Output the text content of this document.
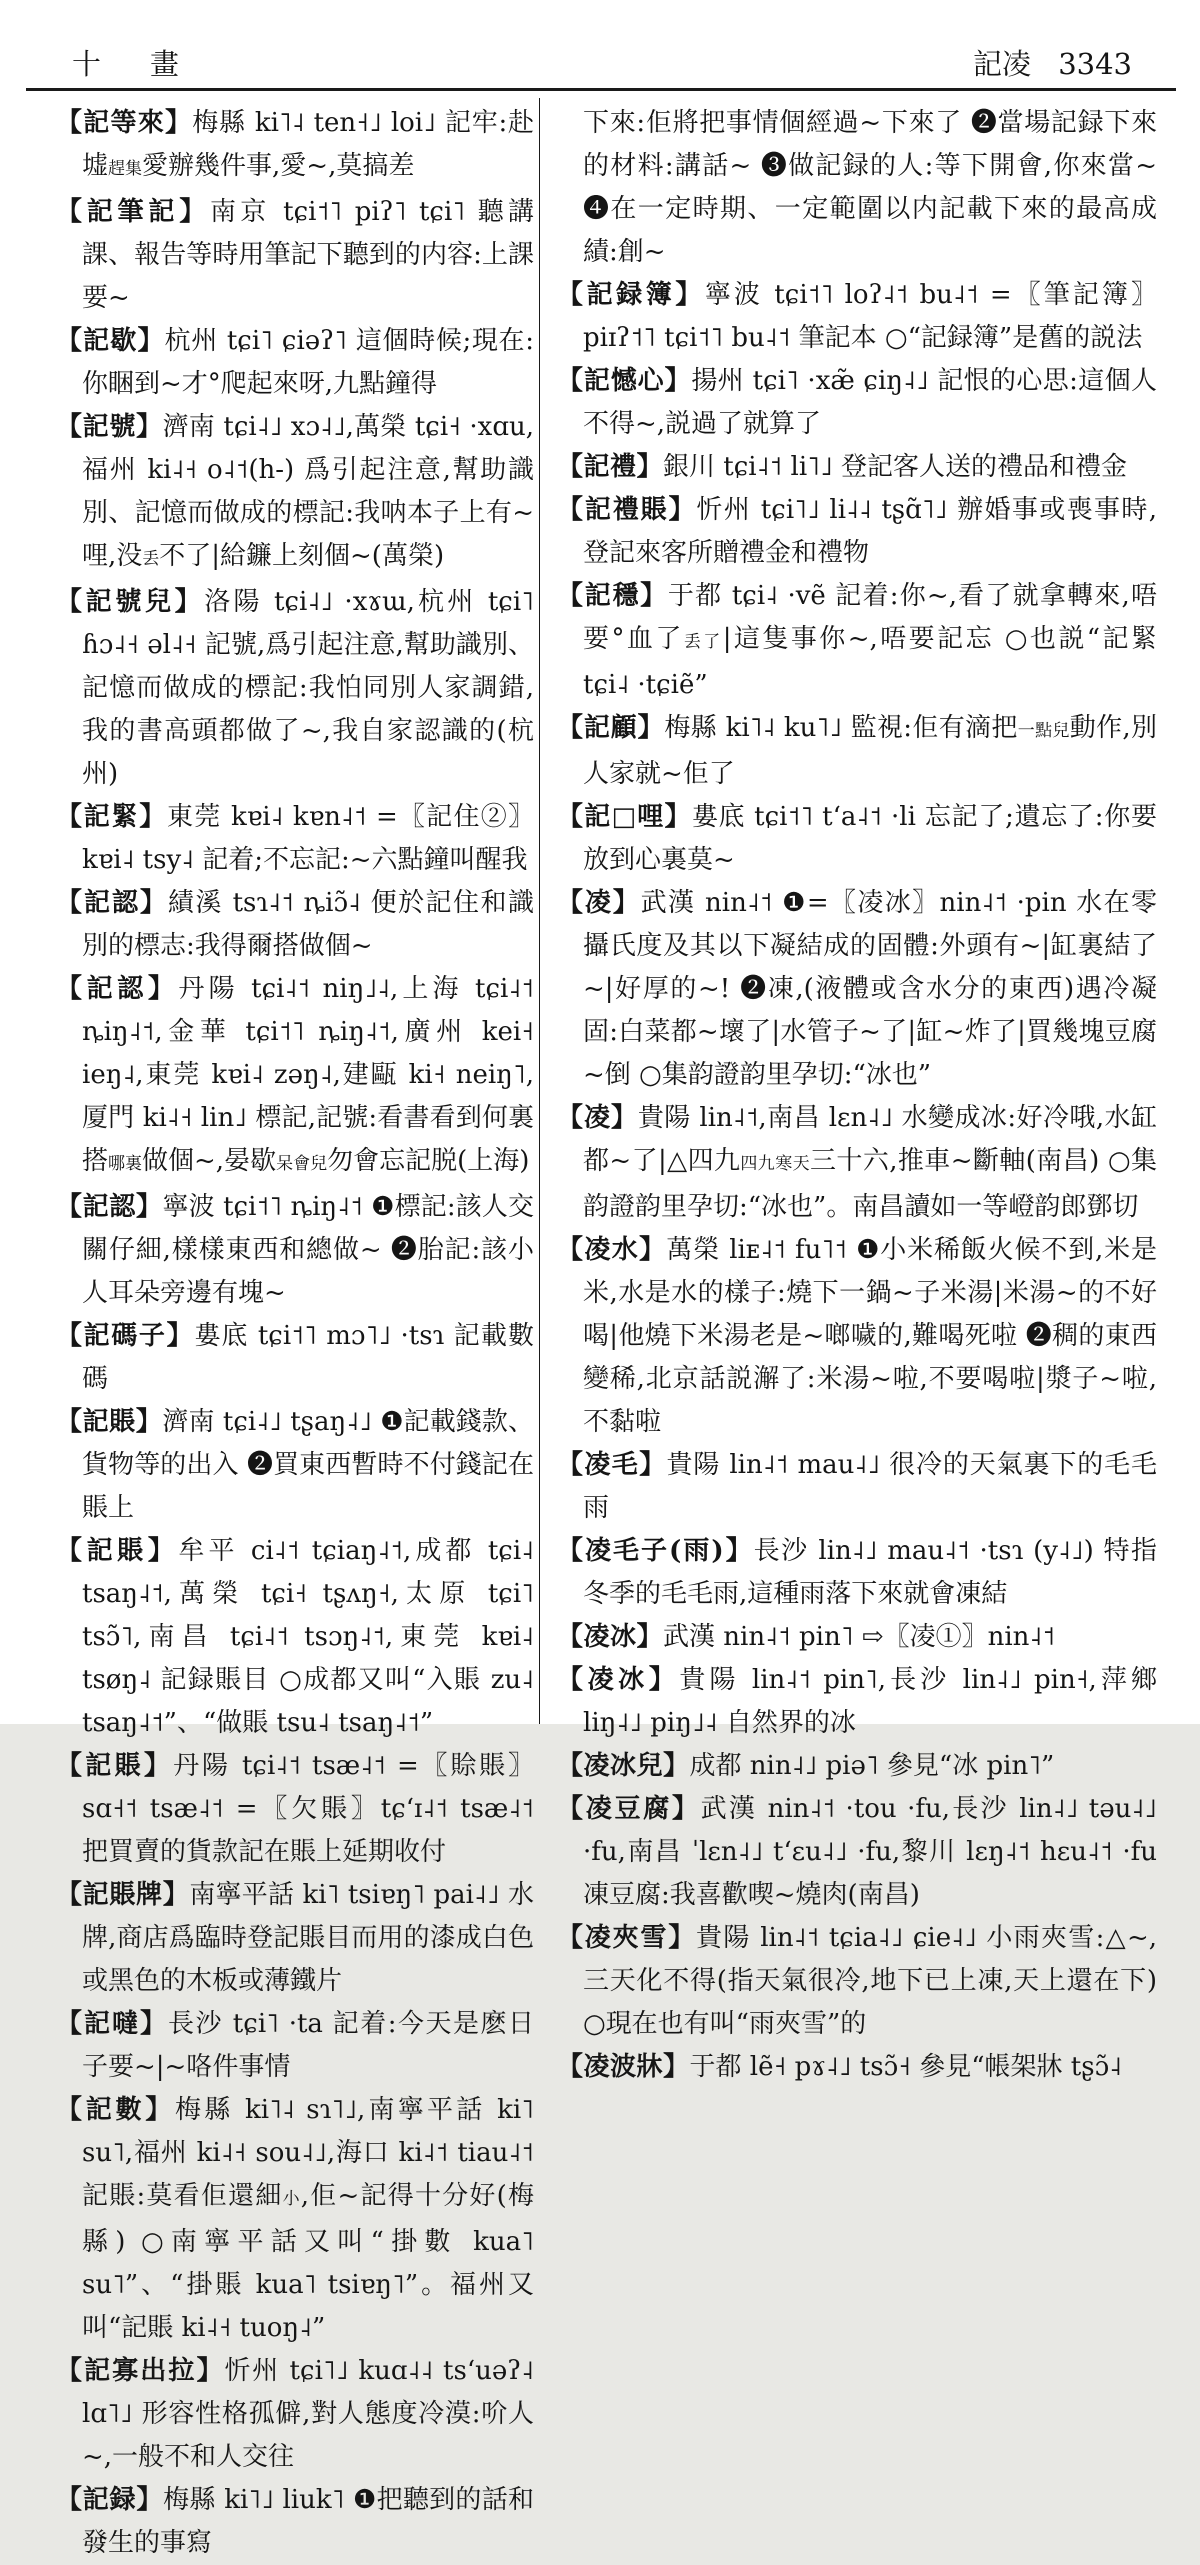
十　畫	記凌 3343
【記等來】梅縣 ki˥˨ ten˧˩ loi˩ 記牢:赴墟趕集愛辦幾件事,愛~,莫搞差
【記筆記】南京 tɕi˦˥ piʔ˥ tɕi˥ 聽講課、報告等時用筆記下聽到的内容:上課要~
【記歇】杭州 tɕi˥ ɕiəʔ˥ 這個時候;現在:你睏到~才°爬起來呀,九點鐘得
【記號】濟南 tɕi˨˩ xɔ˨˩,萬榮 tɕi˧ ·xɑu,福州 ki˨˧ o˨˦(h-) 爲引起注意,幫助識別、記憶而做成的標記:我呐本子上有~哩,没丢不了|給鐮上刻個~(萬榮)
【記號兒】洛陽 tɕi˨˩ ·xɤɯ,杭州 tɕi˥ ɦɔ˨˧ əl˨˧ 記號,爲引起注意,幫助識別、記憶而做成的標記:我怕同別人家調錯,我的書高頭都做了~,我自家認識的(杭州)
【記緊】東莞 kɐi˨ kɐn˨˦ =〖記住②〗kɐi˨ tsy˨ 記着;不忘記:~六點鐘叫醒我
【記認】績溪 tsɿ˨˦ ȵiɔ̃˨ 便於記住和識別的標志:我得爾搭做個~
【記認】丹陽 tɕi˨˦ niŋ˩˨,上海 tɕi˨˦ ȵiŋ˨˦,金華 tɕi˦˥ ȵiŋ˨˦,廣州 kei˧ ieŋ˨,東莞 kɐi˨ zəŋ˨,建甌 ki˧ neiŋ˥,厦門 ki˨˧ lin˩ 標記,記號:看書看到何裏搭哪裏做個~,晏歇呆會兒勿會忘記脱(上海)
【記認】寧波 tɕi˦˥ ȵiŋ˨˦ ❶標記:該人交關仔細,樣樣東西和總做~ ❷胎記:該小人耳朵旁邊有塊~
【記碼子】婁底 tɕi˦˥ mɔ˥˩ ·tsɿ 記載數碼
【記賬】濟南 tɕi˨˩ tʂaŋ˨˩ ❶記載錢款、貨物等的出入 ❷買東西暫時不付錢記在賬上
【記賬】牟平 ci˨˦ tɕiaŋ˨˦,成都 tɕi˨ tsaŋ˨˦,萬榮 tɕi˧ tʂʌŋ˧,太原 tɕi˥ tsɔ̃˥,南昌 tɕi˨˦ tsɔŋ˨˦,東莞 kɐi˨ tsøŋ˨ 記録賬目 ○成都又叫“入賬 zu˨ tsaŋ˨˦”、“做賬 tsu˨ tsaŋ˨˦”
【記賬】丹陽 tɕi˨˦ tsæ˨˦ =〖賒賬〗sɑ˧˦ tsæ˨˦ =〖欠賬〗tɕʻɪ˨˦ tsæ˨˦ 把買賣的貨款記在賬上延期收付
【記賬牌】南寧平話 ki˥ tsiɐŋ˥ pai˨˩ 水牌,商店爲臨時登記賬目而用的漆成白色或黑色的木板或薄鐵片
【記噠】長沙 tɕi˥ ·ta 記着:今天是麽日子要~|~咯件事情
【記數】梅縣 ki˥˨ sɿ˥˩,南寧平話 ki˥ su˥,福州 ki˨˧ sou˨˩,海口 ki˨˦ tiau˨˦ 記賬:莫看佢還細小,佢~記得十分好(梅縣) ○南寧平話又叫“掛數 kua˥ su˥”、“掛賬 kua˥ tsiɐŋ˥”。福州又叫“記賬 ki˨˧ tuoŋ˨”
【記寡出拉】忻州 tɕi˥˩ kuɑ˨˨ tsʻuəʔ˨ lɑ˥˩ 形容性格孤僻,對人態度冷漠:吤人~,一般不和人交往
【記録】梅縣 ki˥˩ liuk˥ ❶把聽到的話和發生的事寫
下來:佢將把事情個經過~下來了 ❷當場記録下來的材料:講話~ ❸做記録的人:等下開會,你來當~ ❹在一定時期、一定範圍以内記載下來的最高成績:創~
【記録簿】寧波 tɕi˦˥ loʔ˨˦ bu˨˦ =〖筆記簿〗piɪʔ˦˥ tɕi˦˥ bu˨˦ 筆記本 ○“記録簿”是舊的説法
【記憾心】揚州 tɕi˥ ·xæ̃ ɕiŋ˨˩ 記恨的心思:這個人不得~,説過了就算了
【記禮】銀川 tɕi˨˦ li˥˩ 登記客人送的禮品和禮金
【記禮賬】忻州 tɕi˥˩ li˨˨ tʂɑ̃˥˩ 辦婚事或喪事時,登記來客所贈禮金和禮物
【記穩】于都 tɕi˨ ·vẽ 記着:你~,看了就拿轉來,唔要°血了丢了|這隻事你~,唔要記忘 ○也説“記緊 tɕi˨ ·tɕiẽ”
【記顧】梅縣 ki˥˨ ku˥˩ 監視:佢有滴把一點兒動作,別人家就~佢了
【記□哩】婁底 tɕi˦˥ tʻa˨˦ ·li 忘記了;遺忘了:你要放到心裏莫~
【凌】武漢 nin˨˦ ❶=〖凌冰〗nin˨˦ ·pin 水在零攝氏度及其以下凝結成的固體:外頭有~|缸裏結了~|好厚的~! ❷凍,(液體或含水分的東西)遇冷凝固:白菜都~壞了|水管子~了|缸~炸了|買幾塊豆腐~倒 ○集韵證韵里孕切:“冰也”
【凌】貴陽 lin˨˦,南昌 lɛn˨˩ 水變成冰:好冷哦,水缸都~了|△四九四九寒天三十六,推車~斷軸(南昌) ○集韵證韵里孕切:“冰也”。南昌讀如一等嶝韵郎鄧切
【凌水】萬榮 liᴇ˨˦ fu˥˦ ❶小米稀飯火候不到,米是米,水是水的樣子:燒下一鍋~子米湯|米湯~的不好喝|他燒下米湯老是~啷噦的,難喝死啦 ❷稠的東西變稀,北京話説澥了:米湯~啦,不要喝啦|漿子~啦,不黏啦
【凌毛】貴陽 lin˨˦ mau˨˩ 很冷的天氣裏下的毛毛雨
【凌毛子(雨)】長沙 lin˨˩ mau˨˦ ·tsɿ (y˨˩) 特指冬季的毛毛雨,這種雨落下來就會凍結
【凌冰】武漢 nin˨˦ pin˥ ⇨〖凌①〗nin˨˦
【凌冰】貴陽 lin˨˦ pin˥,長沙 lin˨˩ pin˧,萍鄉 liŋ˨˩ piŋ˩˨ 自然界的冰
【凌冰兒】成都 nin˨˩ piə˥ 參見“冰 pin˥”
【凌豆腐】武漢 nin˨˦ ·tou ·fu,長沙 lin˨˩ təu˨˩ ·fu,南昌 ˈlɛn˨˩ tʻɛu˨˩ ·fu,黎川 lɛŋ˨˦ hɛu˨˦ ·fu 凍豆腐:我喜歡喫~燒肉(南昌)
【凌夾雪】貴陽 lin˨˦ tɕia˨˩ ɕie˨˩ 小雨夾雪:△~,三天化不得(指天氣很冷,地下已上凍,天上還在下) ○現在也有叫“雨夾雪”的
【凌波牀】于都 lẽ˧ pɤ˨˩ tsɔ̃˧ 參見“帳架牀 tʂɔ̃˨
